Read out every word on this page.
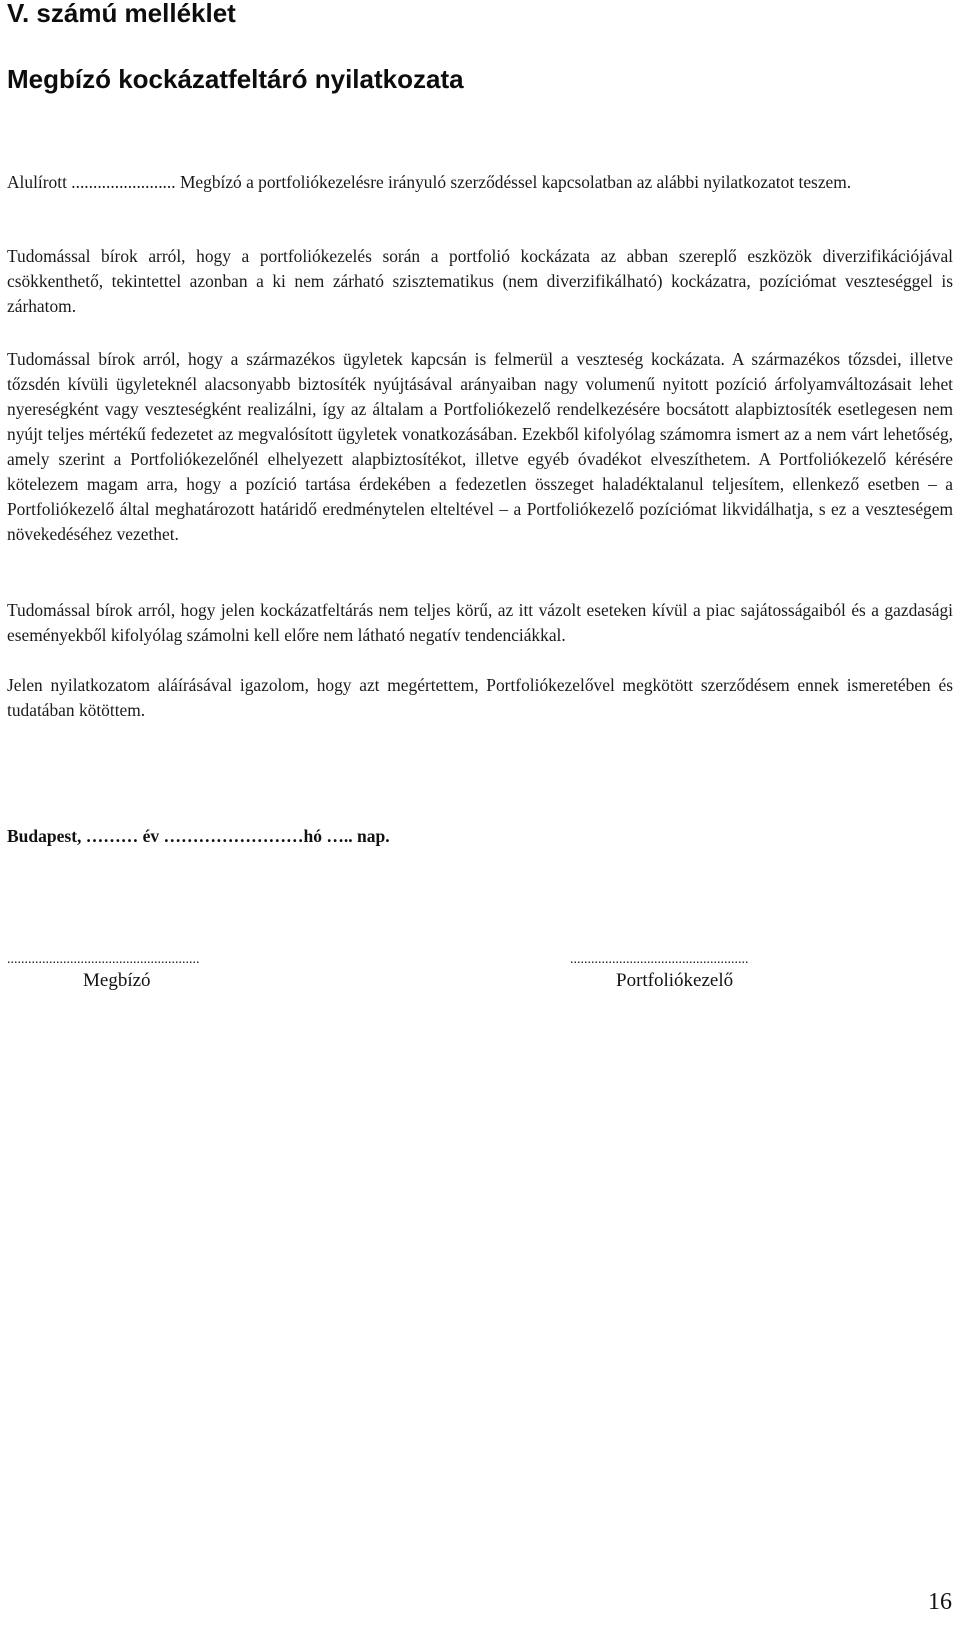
V. számú melléklet
Megbízó kockázatfeltáró nyilatkozata

Alulírott ........................ Megbízó a portfoliókezelésre irányuló szerződéssel kapcsolatban az alábbi nyilatkozatot teszem.

Tudomással bírok arról, hogy a portfoliókezelés során a portfolió kockázata az abban szereplő eszközök diverzifikációjával csökkenthető, tekintettel azonban a ki nem zárható szisztematikus (nem diverzifikálható) kockázatra, pozíciómat veszteséggel is zárhatom.

Tudomással bírok arról, hogy a származékos ügyletek kapcsán is felmerül a veszteség kockázata. A származékos tőzsdei, illetve tőzsdén kívüli ügyleteknél alacsonyabb biztosíték nyújtásával arányaiban nagy volumenű nyitott pozíció árfolyamváltozásait lehet nyereségként vagy veszteségként realizálni, így az általam a Portfoliókezelő rendelkezésére bocsátott alapbiztosíték esetlegesen nem nyújt teljes mértékű fedezetet az megvalósított ügyletek vonatkozásában. Ezekből kifolyólag számomra ismert az a nem várt lehetőség, amely szerint a Portfoliókezelőnél elhelyezett alapbiztosítékot, illetve egyéb óvadékot elveszíthetem. A Portfoliókezelő kérésére kötelezem magam arra, hogy a pozíció tartása érdekében a fedezetlen összeget haladéktalanul teljesítem, ellenkező esetben – a Portfoliókezelő által meghatározott határidő eredménytelen elteltével – a Portfoliókezelő pozíciómat likvidálhatja, s ez a veszteségem növekedéséhez vezethet.

Tudomással bírok arról, hogy jelen kockázatfeltárás nem teljes körű, az itt vázolt eseteken kívül a piac sajátosságaiból és a gazdasági eseményekből kifolyólag számolni kell előre nem látható negatív tendenciákkal.

Jelen nyilatkozatom aláírásával igazolom, hogy azt megértettem, Portfoliókezelővel megkötött szerződésem ennek ismeretében és tudatában kötöttem.

Budapest, ……… év ……………………hó ….. nap.

.......................................................
Megbízó
...................................................
Portfoliókezelő
16
